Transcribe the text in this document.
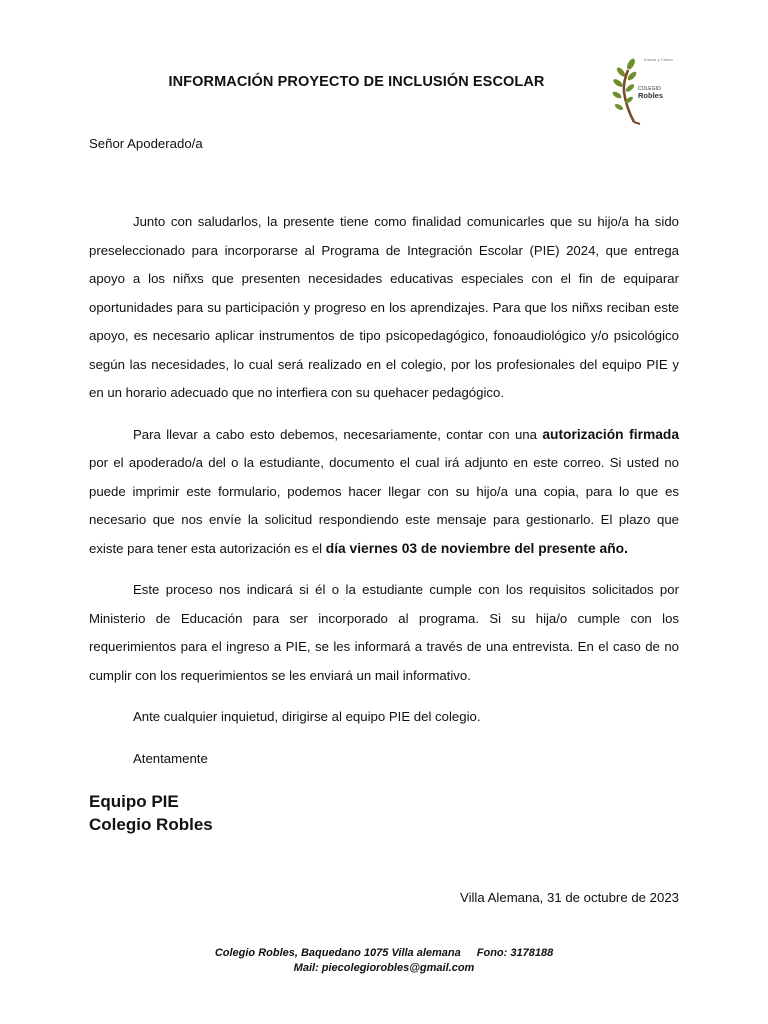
INFORMACIÓN PROYECTO DE INCLUSIÓN ESCOLAR
Educar y Crecer
COLEGIO
Robles
Señor Apoderado/a

Junto con saludarlos, la presente tiene como finalidad comunicarles que su hijo/a ha sido preseleccionado para incorporarse al Programa de Integración Escolar (PIE) 2024, que entrega apoyo a los niñxs que presenten necesidades educativas especiales con el fin de equiparar oportunidades para su participación y progreso en los aprendizajes. Para que los niñxs reciban este apoyo, es necesario aplicar instrumentos de tipo psicopedagógico, fonoaudiológico y/o psicológico según las necesidades, lo cual será realizado en el colegio, por los profesionales del equipo PIE y en un horario adecuado que no interfiera con su quehacer pedagógico.

Para llevar a cabo esto debemos, necesariamente, contar con una autorización firmada por el apoderado/a del o la estudiante, documento el cual irá adjunto en este correo. Si usted no puede imprimir este formulario, podemos hacer llegar con su hijo/a una copia, para lo que es necesario que nos envíe la solicitud respondiendo este mensaje para gestionarlo. El plazo que existe para tener esta autorización es el día viernes 03 de noviembre del presente año.

Este proceso nos indicará si él o la estudiante cumple con los requisitos solicitados por Ministerio de Educación para ser incorporado al programa. Si su hija/o cumple con los requerimientos para el ingreso a PIE, se les informará a través de una entrevista. En el caso de no cumplir con los requerimientos se les enviará un mail informativo.

Ante cualquier inquietud, dirigirse al equipo PIE del colegio.

Atentamente

Equipo PIE
Colegio Robles
Villa Alemana, 31 de octubre de 2023
Colegio Robles, Baquedano 1075 Villa alemana Fono: 3178188
Mail: piecolegiorobles@gmail.com
